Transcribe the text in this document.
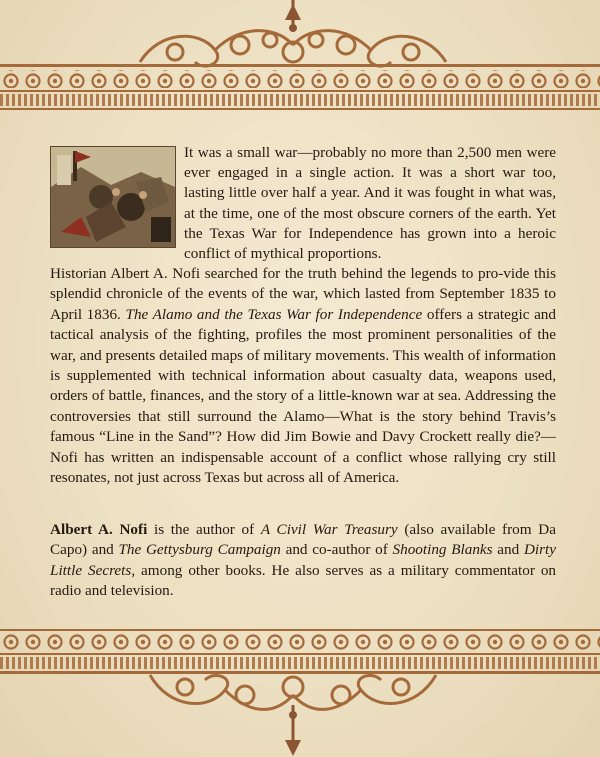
It was a small war—probably no more than 2,500 men were ever engaged in a single action. It was a short war too, lasting little over half a year. And it was fought in what was, at the time, one of the most obscure corners of the earth. Yet the Texas War for Independence has grown into a heroic conflict of mythical proportions.

Historian Albert A. Nofi searched for the truth behind the legends to pro-vide this splendid chronicle of the events of the war, which lasted from September 1835 to April 1836. The Alamo and the Texas War for Independence offers a strategic and tactical analysis of the fighting, profiles the most prominent personalities of the war, and presents detailed maps of military movements. This wealth of information is supplemented with technical information about casualty data, weapons used, orders of battle, finances, and the story of a little-known war at sea. Addressing the controversies that still surround the Alamo—What is the story behind Travis’s famous “Line in the Sand”? How did Jim Bowie and Davy Crockett really die?—Nofi has written an indispensable account of a conflict whose rallying cry still resonates, not just across Texas but across all of America.

Albert A. Nofi is the author of A Civil War Treasury (also available from Da Capo) and The Gettysburg Campaign and co-author of Shooting Blanks and Dirty Little Secrets, among other books. He also serves as a military commentator on radio and television.
